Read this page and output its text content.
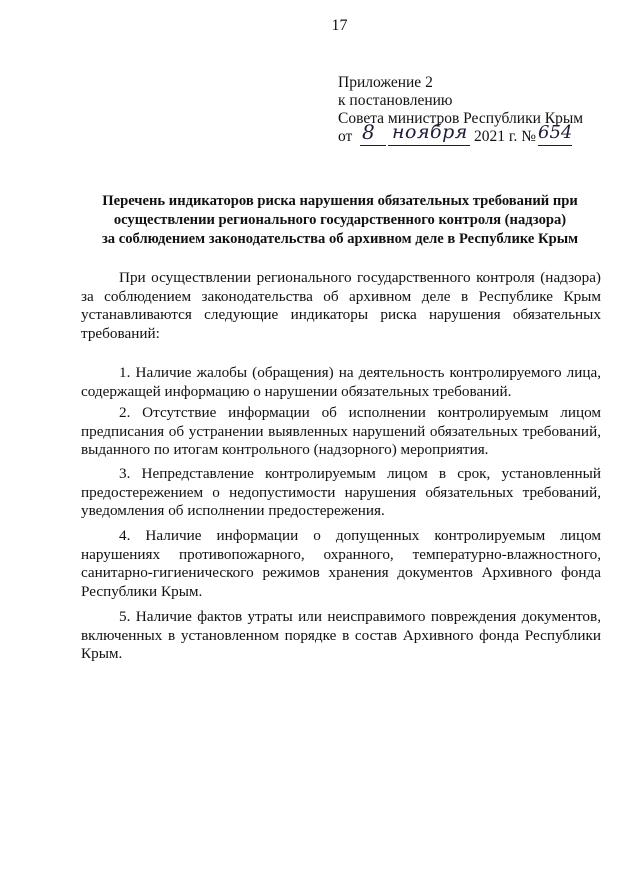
17
Приложение 2
к постановлению
Совета министров Республики Крым
от 8 ноября 2021 г. № 654
Перечень индикаторов риска нарушения обязательных требований при
осуществлении регионального государственного контроля (надзора)
за соблюдением законодательства об архивном деле в Республике Крым

При осуществлении регионального государственного контроля (надзора)
за соблюдением законодательства об архивном деле в Республике Крым
устанавливаются следующие индикаторы риска нарушения обязательных
требований:

1. Наличие жалобы (обращения) на деятельность контролируемого лица,
содержащей информацию о нарушении обязательных требований.

2. Отсутствие информации об исполнении контролируемым лицом
предписания об устранении выявленных нарушений обязательных требований,
выданного по итогам контрольного (надзорного) мероприятия.

3. Непредставление контролируемым лицом в срок, установленный
предостережением о недопустимости нарушения обязательных требований,
уведомления об исполнении предостережения.

4. Наличие информации о допущенных контролируемым лицом
нарушениях противопожарного, охранного, температурно-влажностного,
санитарно-гигиенического режимов хранения документов Архивного фонда
Республики Крым.

5. Наличие фактов утраты или неисправимого повреждения документов,
включенных в установленном порядке в состав Архивного фонда Республики
Крым.
